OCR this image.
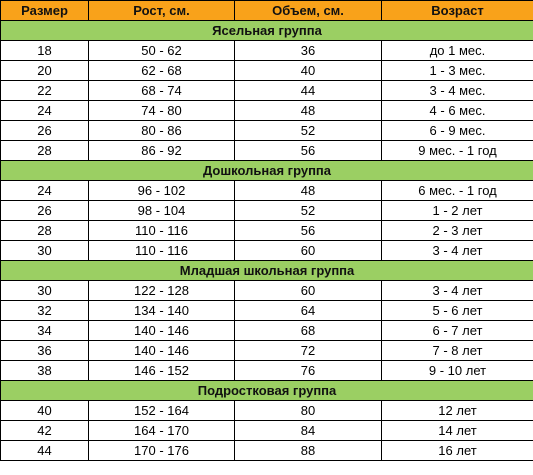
Размер	Рост, см.	Объем, см.	Возраст
Ясельная группа			
18	50 - 62	36	до 1 мес.
20	62 - 68	40	1 - 3 мес.
22	68 - 74	44	3 - 4 мес.
24	74 - 80	48	4 - 6 мес.
26	80 - 86	52	6 - 9 мес.
28	86 - 92	56	9 мес. - 1 год
Дошкольная группа			
24	96 - 102	48	6 мес. - 1 год
26	98 - 104	52	1 - 2 лет
28	110 - 116	56	2 - 3 лет
30	110 - 116	60	3 - 4 лет
Младшая школьная группа			
30	122 - 128	60	3 - 4 лет
32	134 - 140	64	5 - 6 лет
34	140 - 146	68	6 - 7 лет
36	140 - 146	72	7 - 8 лет
38	146 - 152	76	9 - 10 лет
Подростковая группа			
40	152 - 164	80	12 лет
42	164 - 170	84	14 лет
44	170 - 176	88	16 лет
